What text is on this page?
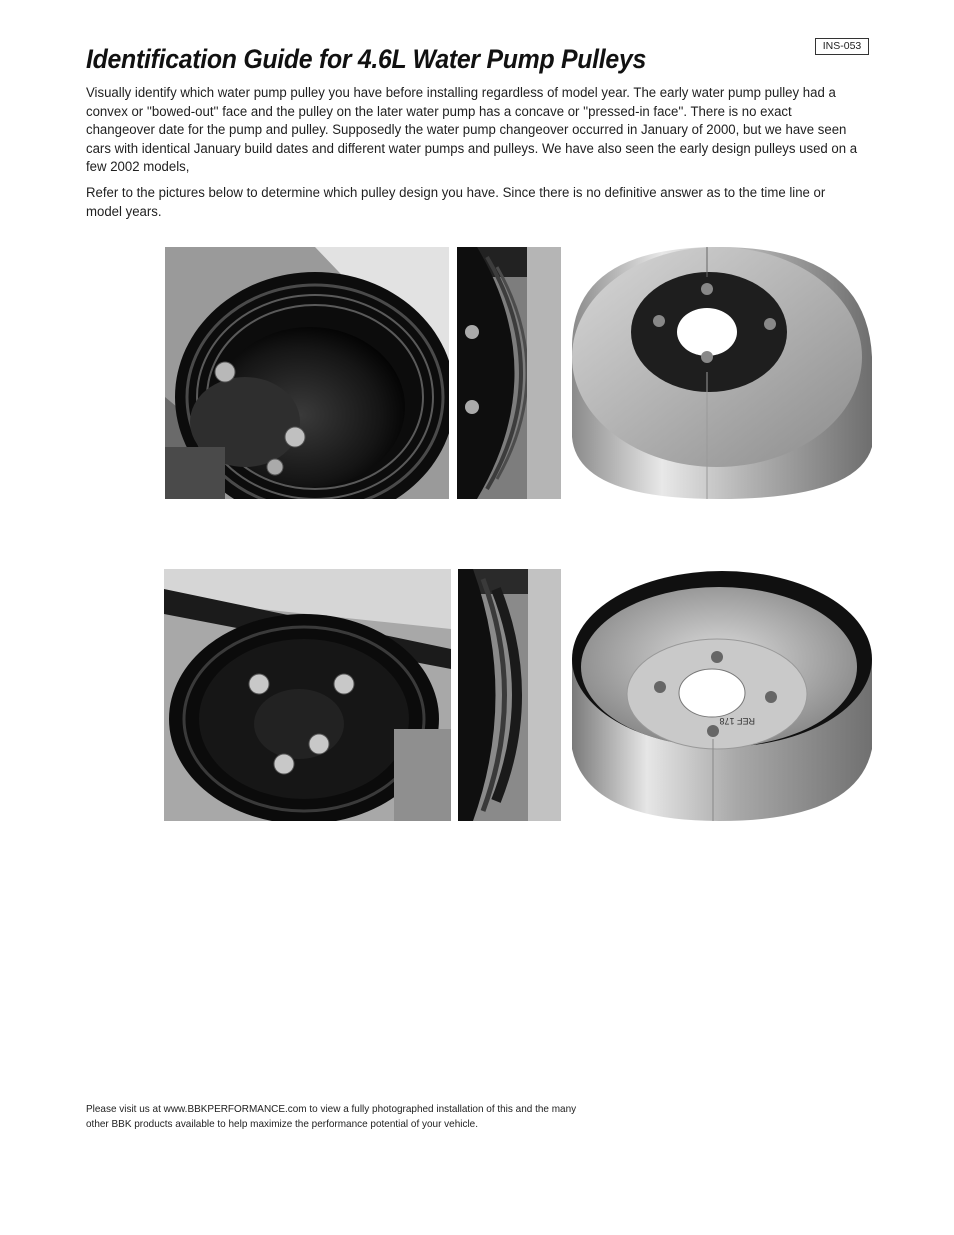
INS-053
Identification Guide for 4.6L Water Pump Pulleys

Visually identify which water pump pulley you have before installing regardless of model year. The early water pump pulley had a convex or ''bowed-out'' face and the pulley on the later water pump has a concave or ''pressed-in face''. There is no exact changeover date for the pump and pulley. Supposedly the water pump changeover occurred in January of 2000, but we have seen cars with identical January build dates and different water pumps and pulleys. We have also seen the early design pulleys used on a few 2002 models,

Refer to the pictures below to determine which pulley design you have. Since there is no definitive answer as to the time line or model years.

REF 178
Please visit us at www.BBKPERFORMANCE.com to view a fully photographed installation of this and the many
other BBK products available to help maximize the performance potential of your vehicle.
